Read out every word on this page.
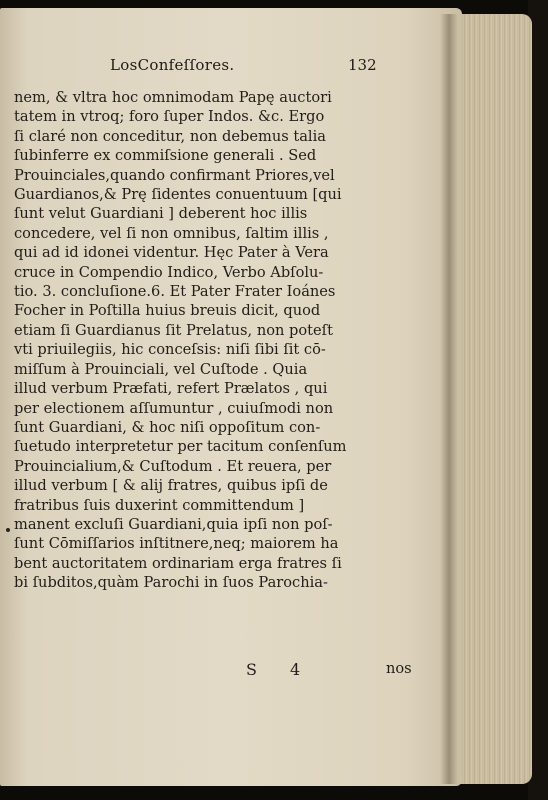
LosConfeſſores.	132
nem, & vltra hoc omnimodam Papę auctori
tatem in vtroq; foro ſuper Indos. &c. Ergo
ſi claré non conceditur, non debemus talia
ſubinferre ex commiſsione generali . Sed
Prouinciales,quando confirmant Priores,vel
Guardianos,& Prę ſidentes conuentuum [qui
ſunt velut Guardiani ] deberent hoc illis
concedere, vel ſi non omnibus, ſaltim illis ,
qui ad id idonei videntur. Hęc Pater à Vera
cruce in Compendio Indico, Verbo Abſolu-
tio. 3. concluſione.6. Et Pater Frater Ioánes
Focher in Poſtilla huius breuis dicit, quod
etiam ſi Guardianus ſit Prelatus, non poteſt
vti priuilegiis, hic conceſsis: niſi ſibi ſit cō-
miſſum à Prouinciali, vel Cuſtode . Quia
illud verbum Præfati, refert Prælatos , qui
per electionem aſſumuntur , cuiuſmodi non
ſunt Guardiani, & hoc niſi oppoſitum con-
ſuetudo interpretetur per tacitum conſenſum
Prouincialium,& Cuſtodum . Et reuera, per
illud verbum [ & alij fratres, quibus ipſi de
fratribus ſuis duxerint committendum ]
manent excluſi Guardiani,quia ipſi non poſ-
ſunt Cōmiſſarios inſtitnere,neq; maiorem ha
bent auctoritatem ordinariam erga fratres ſi
bi ſubditos,quàm Parochi in ſuos Parochia-
S 4	nos
